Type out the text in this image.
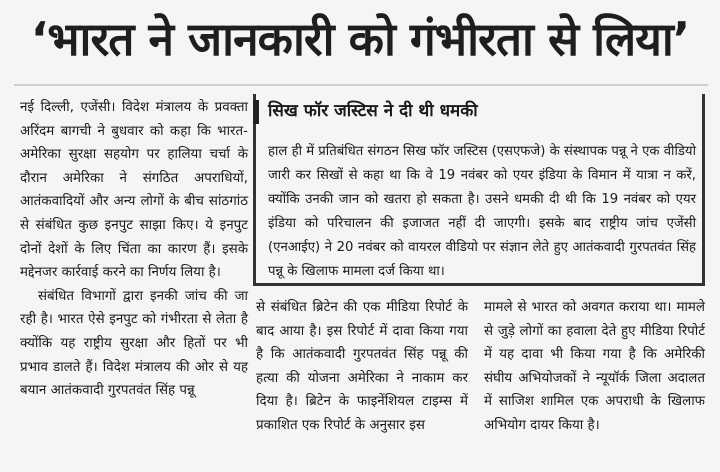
‘भारत ने जानकारी को गंभीरता से लिया’

नई दिल्ली, एजेंसी। विदेश मंत्रालय के प्रवक्ता अरिंदम बागची ने बुधवार को कहा कि भारत-अमेरिका सुरक्षा सहयोग पर हालिया चर्चा के दौरान अमेरिका ने संगठित अपराधियों, आतंकवादियों और अन्य लोगों के बीच सांठगांठ से संबंधित कुछ इनपुट साझा किए। ये इनपुट दोनों देशों के लिए चिंता का कारण हैं। इसके मद्देनजर कार्रवाई करने का निर्णय लिया है।

संबंधित विभागों द्वारा इनकी जांच की जा रही है। भारत ऐसे इनपुट को गंभीरता से लेता है क्योंकि यह राष्ट्रीय सुरक्षा और हितों पर भी प्रभाव डालते हैं। विदेश मंत्रालय की ओर से यह बयान आतंकवादी गुरपतवंत सिंह पन्नू

सिख फॉर जस्टिस ने दी थी धमकी
हाल ही में प्रतिबंधित संगठन सिख फॉर जस्टिस (एसएफजे) के संस्थापक पन्नू ने एक वीडियो जारी कर सिखों से कहा था कि वे 19 नवंबर को एयर इंडिया के विमान में यात्रा न करें, क्योंकि उनकी जान को खतरा हो सकता है। उसने धमकी दी थी कि 19 नवंबर को एयर इंडिया को परिचालन की इजाजत नहीं दी जाएगी। इसके बाद राष्ट्रीय जांच एजेंसी (एनआईए) ने 20 नवंबर को वायरल वीडियो पर संज्ञान लेते हुए आतंकवादी गुरपतवंत सिंह पन्नू के खिलाफ मामला दर्ज किया था।

से संबंधित ब्रिटेन की एक मीडिया रिपोर्ट के बाद आया है। इस रिपोर्ट में दावा किया गया है कि आतंकवादी गुरपतवंत सिंह पन्नू की हत्या की योजना अमेरिका ने नाकाम कर दिया है। ब्रिटेन के फाइनेंशियल टाइम्स में प्रकाशित एक रिपोर्ट के अनुसार इस

मामले से भारत को अवगत कराया था। मामले से जुड़े लोगों का हवाला देते हुए मीडिया रिपोर्ट में यह दावा भी किया गया है कि अमेरिकी संघीय अभियोजकों ने न्यूयॉर्क जिला अदालत में साजिश शामिल एक अपराधी के खिलाफ अभियोग दायर किया है।
